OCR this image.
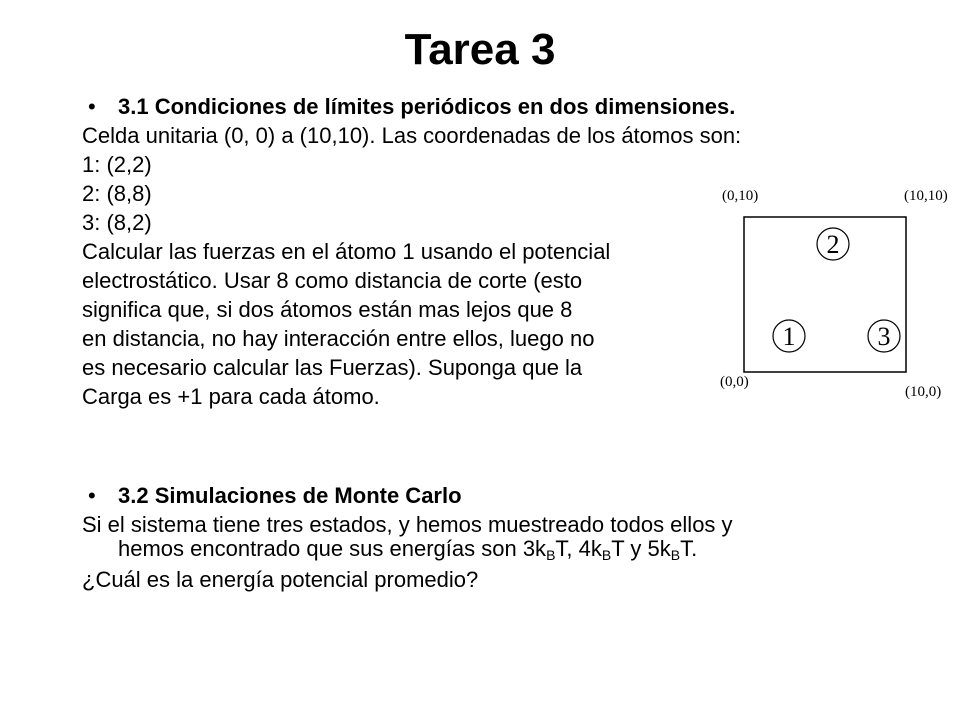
Tarea 3
• 3.1 Condiciones de límites periódicos en dos dimensiones.
Celda unitaria (0, 0) a (10,10). Las coordenadas de los átomos son:
1: (2,2)
2: (8,8)
3: (8,2)
Calcular las fuerzas en el átomo 1 usando el potencial
electrostático. Usar 8 como distancia de corte (esto
significa que, si dos átomos están mas lejos que 8
en distancia, no hay interacción entre ellos, luego no
es necesario calcular las Fuerzas). Suponga que la
Carga es +1 para cada átomo.
(0,10)	(10,10)
2
1	3
(0,0)
(10,0)
• 3.2 Simulaciones de Monte Carlo
Si el sistema tiene tres estados, y hemos muestreado todos ellos y
hemos encontrado que sus energías son $3k_BT$, $4k_BT$ y $5k_BT$.
¿Cuál es la energía potencial promedio?
